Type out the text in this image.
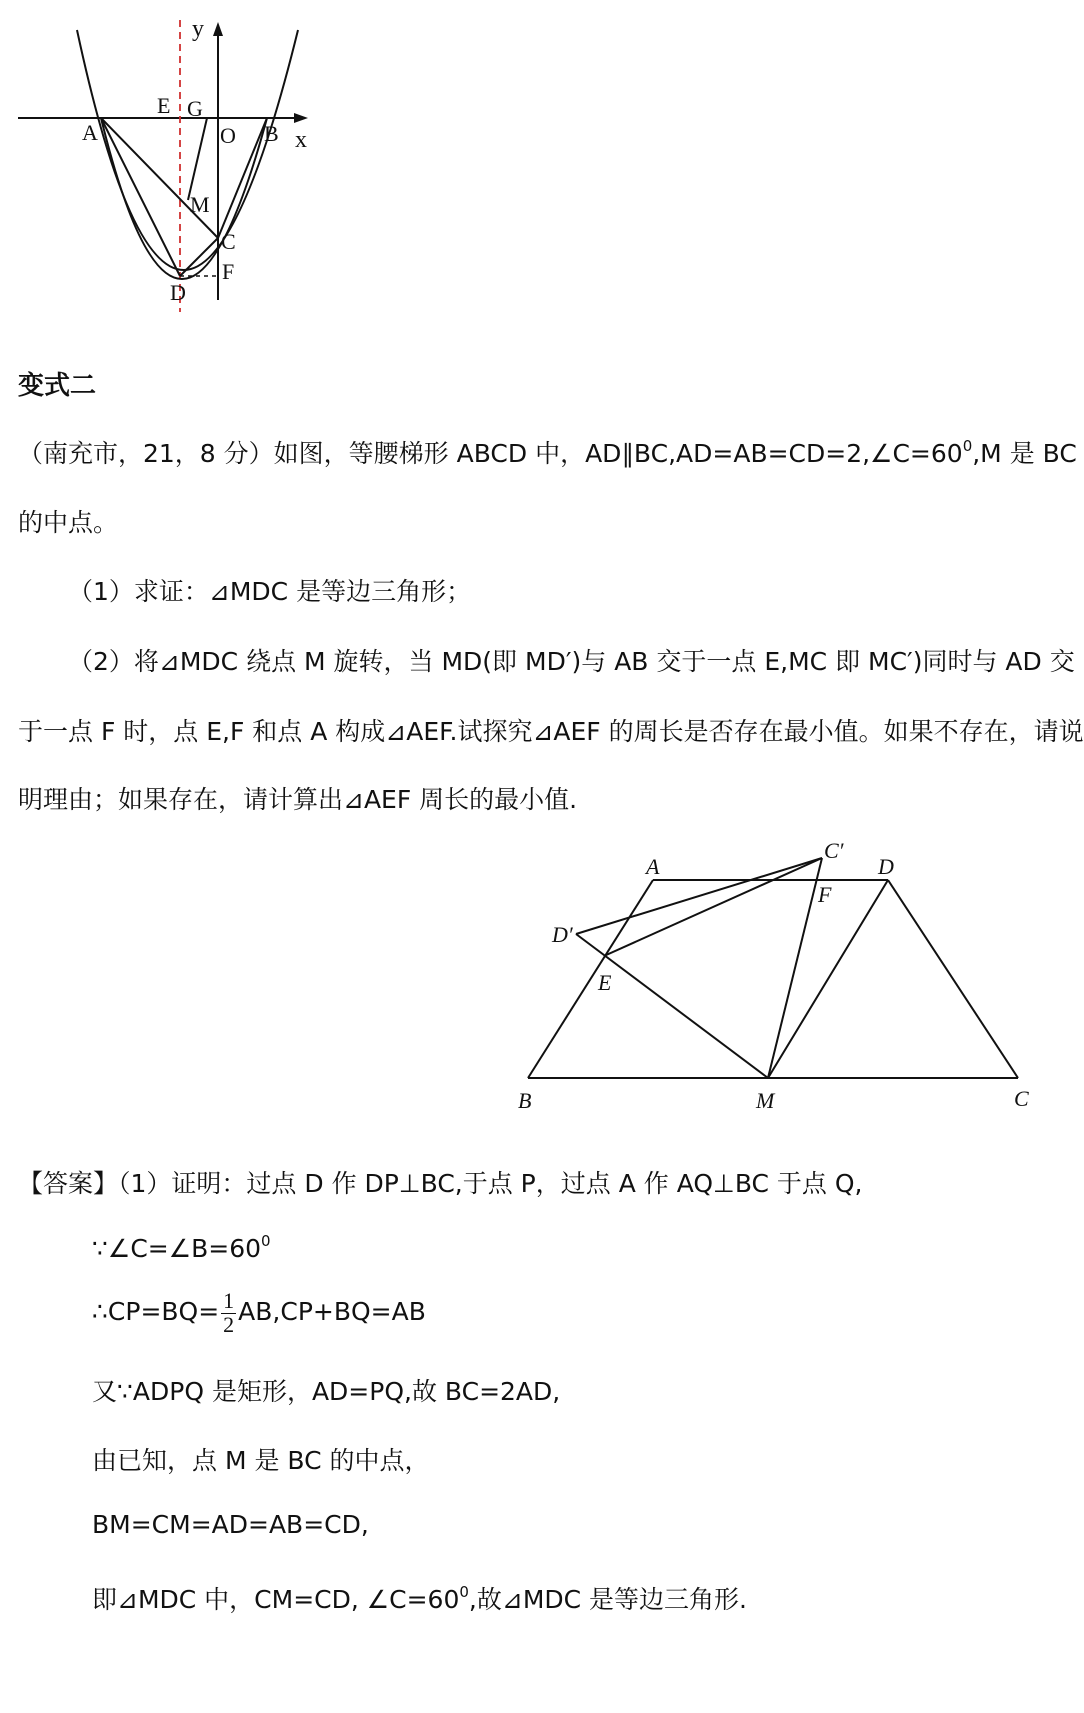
y
E G
A	O B x
M
C
F
D
变式二
（南充市，21，8 分）如图，等腰梯形 ABCD 中，$AD\parallel BC,AD=AB=CD=2,\angle C=60^0,M$ 是 BC
的中点。
（1）求证：⊿MDC 是等边三角形；
（2）将⊿MDC 绕点 M 旋转，当 MD(即 MD′)与 AB 交于一点 E,MC 即 MC′)同时与 AD 交
于一点 F 时，点 E,F 和点 A 构成⊿AEF.试探究⊿AEF 的周长是否存在最小值。如果不存在，请说
明理由；如果存在，请计算出⊿AEF 周长的最小值.
A
C′
D
F
D′
E
B	M	C
【答案】（1）证明：过点 D 作 DP⊥BC,于点 P，过点 A 作 AQ⊥BC 于点 Q,
$\because\angle C=\angle B=60^0$
∴CP=BQ= $\frac{1}{2} AB,CP+BQ=AB$
又∵ADPQ 是矩形，AD=PQ,故 BC=2AD,
由已知，点 M 是 BC 的中点，
BM=CM=AD=AB=CD,
即⊿MDC 中，CM=CD, $\angle C=60^0$,故⊿MDC 是等边三角形.
